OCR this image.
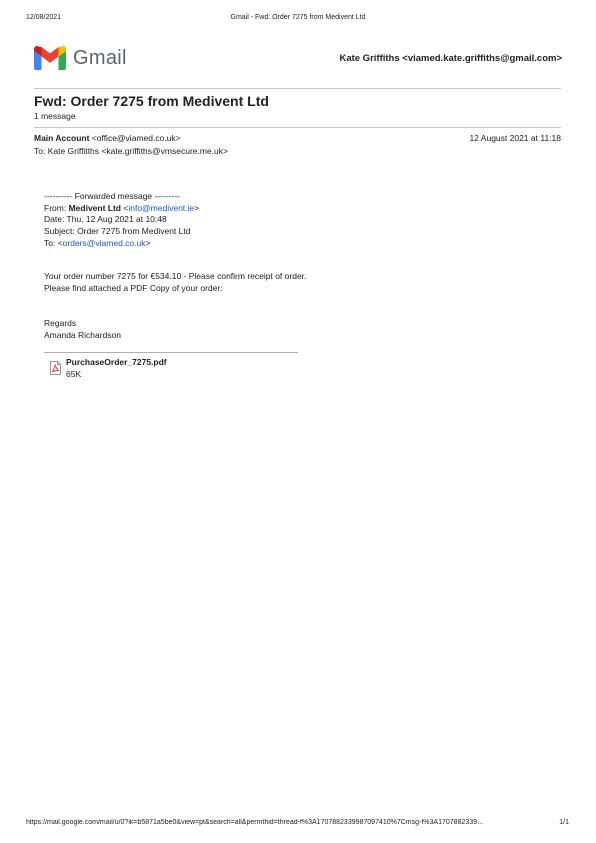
12/08/2021	Gmail - Fwd: Order 7275 from Medivent Ltd
Gmail	Kate Griffiths <viamed.kate.griffiths@gmail.com>
Fwd: Order 7275 from Medivent Ltd
1 message
Main Account <office@viamed.co.uk>	12 August 2021 at 11:18
To: Kate Griffitths <kate.griffiths@vmsecure.me.uk>
---------- Forwarded message ---------
From: Medivent Ltd <info@medivent.ie>
Date: Thu, 12 Aug 2021 at 10:48
Subject: Order 7275 from Medivent Ltd
To: <orders@viamed.co.uk>
Your order number 7275 for €534.10 - Please confirm receipt of order.
Please find attached a PDF Copy of your order:
Regards
Amanda Richardson
PurchaseOrder_7275.pdf
65K
https://mail.google.com/mail/u/0?ik=b5871a5be0&view=pt&search=all&permthid=thread-f%3A1707882339987097410%7Cmsg-f%3A1707882339…	1/1
